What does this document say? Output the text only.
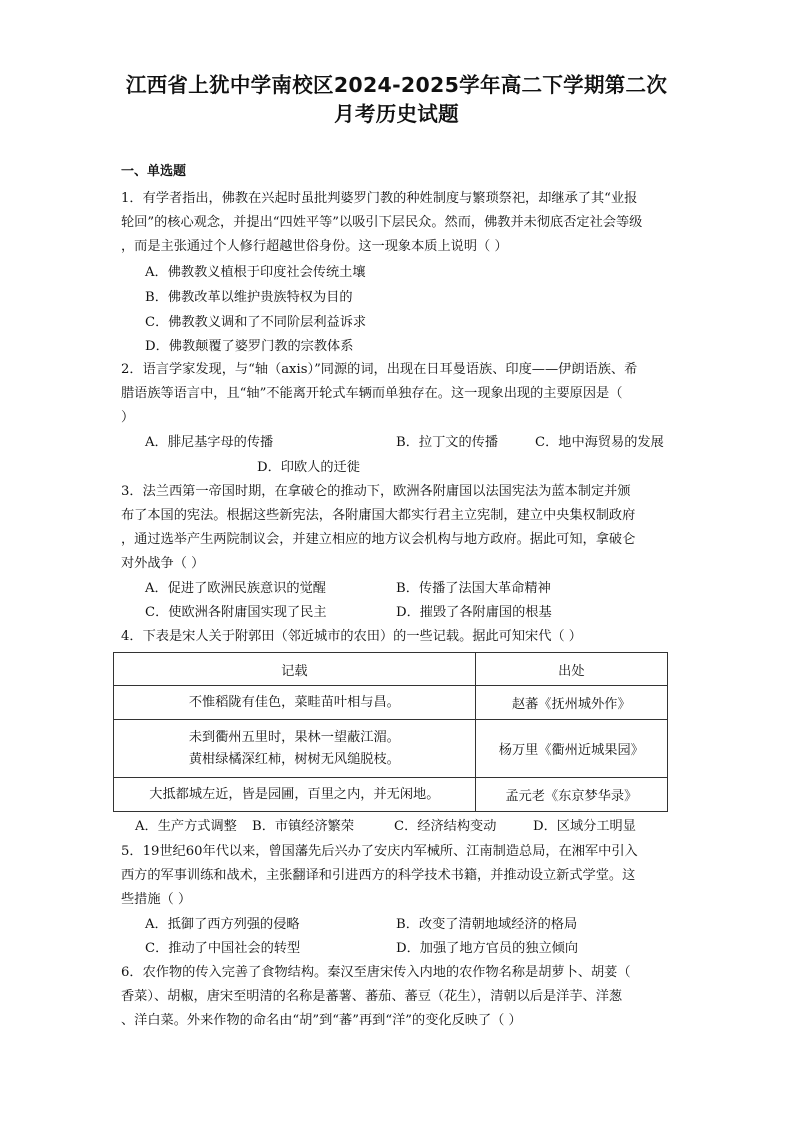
江西省上犹中学南校区2024-2025学年高二下学期第二次
月考历史试题
一、单选题
1．有学者指出，佛教在兴起时虽批判婆罗门教的种姓制度与繁琐祭祀，却继承了其“业报
轮回”的核心观念，并提出“四姓平等”以吸引下层民众。然而，佛教并未彻底否定社会等级
，而是主张通过个人修行超越世俗身份。这一现象本质上说明（ ）
A．佛教教义植根于印度社会传统土壤
B．佛教改革以维护贵族特权为目的
C．佛教教义调和了不同阶层利益诉求
D．佛教颠覆了婆罗门教的宗教体系
2．语言学家发现，与“轴（axis）”同源的词，出现在日耳曼语族、印度——伊朗语族、希
腊语族等语言中，且“轴”不能离开轮式车辆而单独存在。这一现象出现的主要原因是（
）
A．腓尼基字母的传播	B．拉丁文的传播	C．地中海贸易的发展
D．印欧人的迁徙
3．法兰西第一帝国时期，在拿破仑的推动下，欧洲各附庸国以法国宪法为蓝本制定并颁
布了本国的宪法。根据这些新宪法，各附庸国大都实行君主立宪制，建立中央集权制政府
，通过选举产生两院制议会，并建立相应的地方议会机构与地方政府。据此可知，拿破仑
对外战争（ ）
A．促进了欧洲民族意识的觉醒	B．传播了法国大革命精神
C．使欧洲各附庸国实现了民主	D．摧毁了各附庸国的根基
4．下表是宋人关于附郭田（邻近城市的农田）的一些记载。据此可知宋代（ ）
记载	出处

不惟稻陇有佳色，菜畦苗叶相与昌。	赵蕃《抚州城外作》

未到衢州五里时，果林一望蔽江湄。
黄柑绿橘深红柿，树树无风缒脱枝。	杨万里《衢州近城果园》

大抵都城左近，皆是园圃，百里之内，并无闲地。	孟元老《东京梦华录》
A．生产方式调整 B．市镇经济繁荣	C．经济结构变动	D．区域分工明显
5．19世纪60年代以来，曾国藩先后兴办了安庆内军械所、江南制造总局，在湘军中引入
西方的军事训练和战术，主张翻译和引进西方的科学技术书籍，并推动设立新式学堂。这
些措施（ ）
A．抵御了西方列强的侵略	B．改变了清朝地域经济的格局
C．推动了中国社会的转型	D．加强了地方官员的独立倾向
6．农作物的传入完善了食物结构。秦汉至唐宋传入内地的农作物名称是胡萝卜、胡荽（
香菜）、胡椒，唐宋至明清的名称是蕃薯、蕃茄、蕃豆（花生），清朝以后是洋芋、洋葱
、洋白菜。外来作物的命名由“胡”到“蕃”再到“洋”的变化反映了（ ）
